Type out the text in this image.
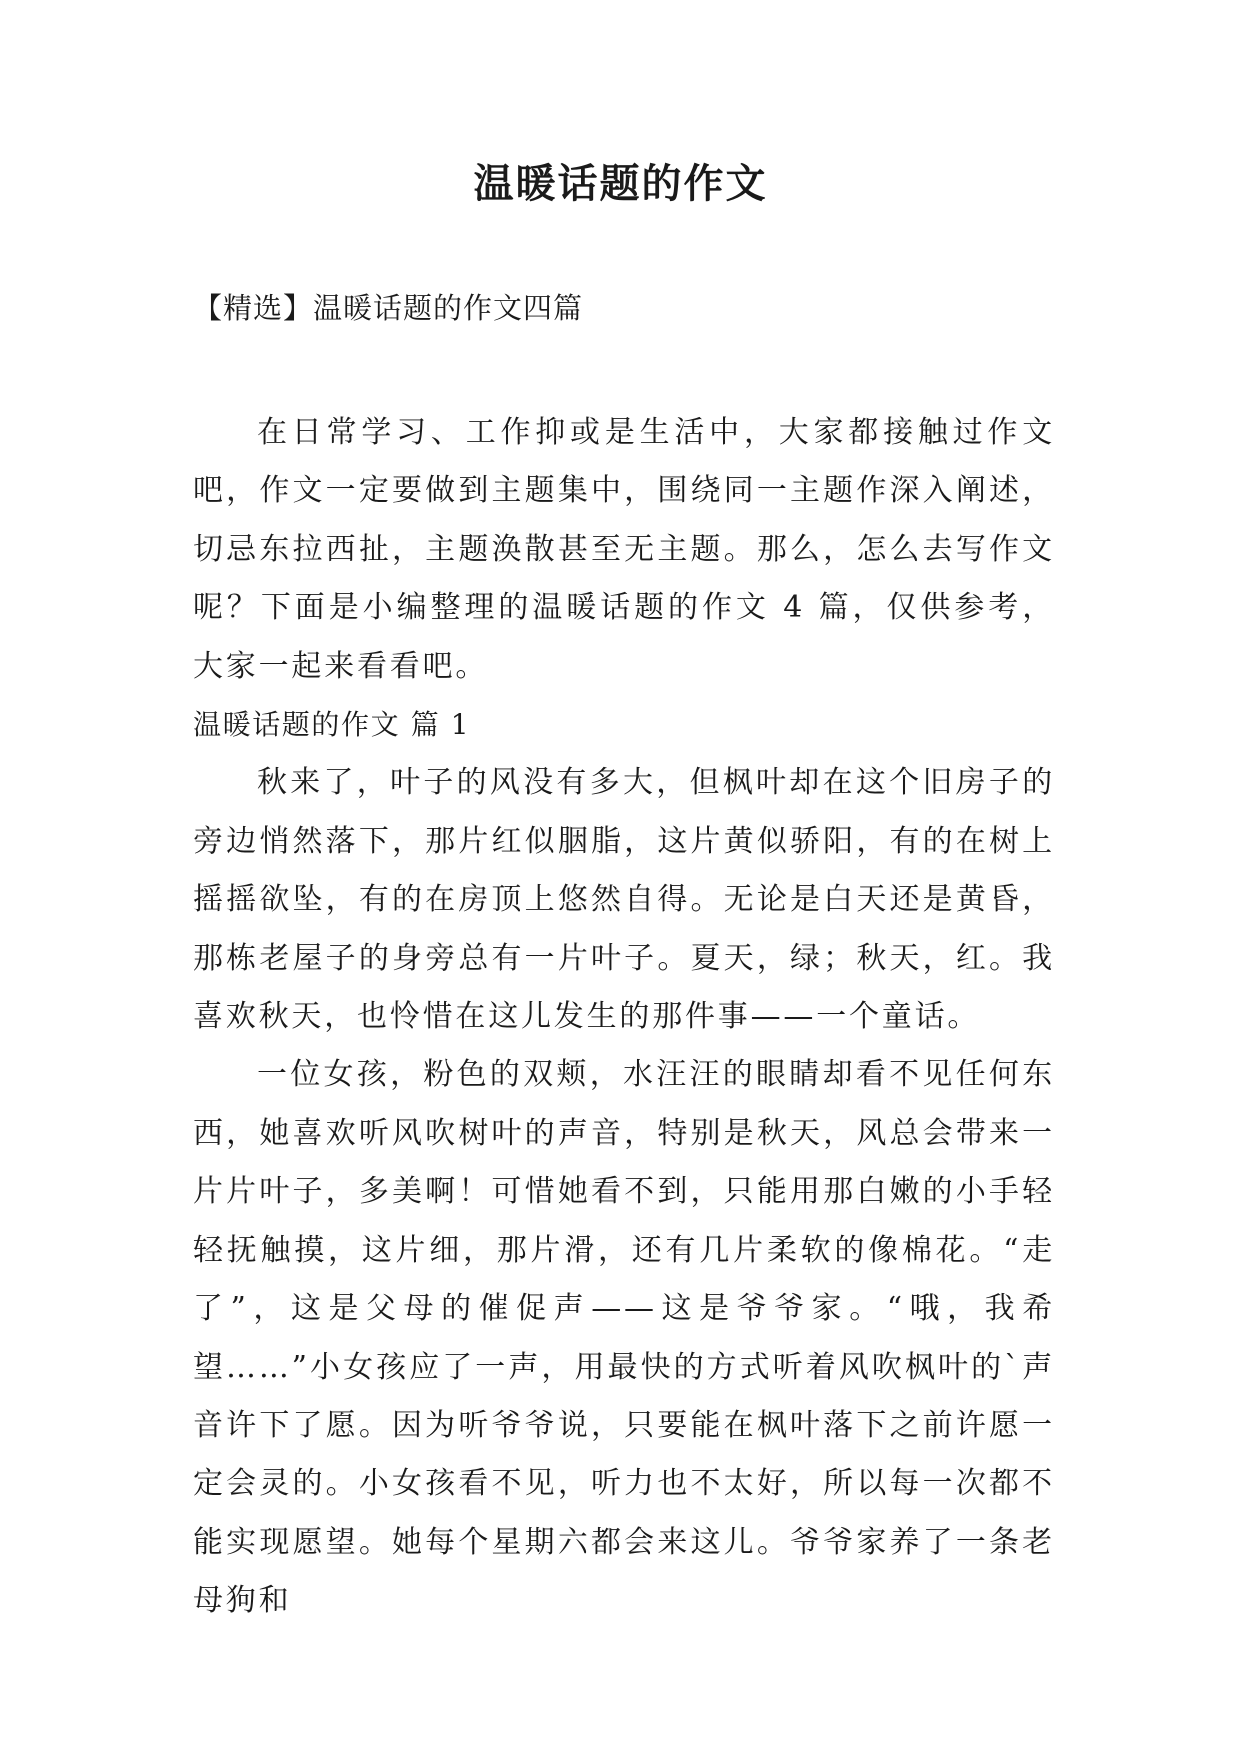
温暖话题的作文

【精选】温暖话题的作文四篇

在日常学习、工作抑或是生活中，大家都接触过作文吧，作文一定要做到主题集中，围绕同一主题作深入阐述，切忌东拉西扯，主题涣散甚至无主题。那么，怎么去写作文呢？下面是小编整理的温暖话题的作文 4 篇，仅供参考，大家一起来看看吧。

温暖话题的作文 篇 1

秋来了，叶子的风没有多大，但枫叶却在这个旧房子的旁边悄然落下，那片红似胭脂，这片黄似骄阳，有的在树上摇摇欲坠，有的在房顶上悠然自得。无论是白天还是黄昏，那栋老屋子的身旁总有一片叶子。夏天，绿；秋天，红。我喜欢秋天，也怜惜在这儿发生的那件事——一个童话。

一位女孩，粉色的双颊，水汪汪的眼睛却看不见任何东西，她喜欢听风吹树叶的声音，特别是秋天，风总会带来一片片叶子，多美啊！可惜她看不到，只能用那白嫩的小手轻轻抚触摸，这片细，那片滑，还有几片柔软的像棉花。“走了”，这是父母的催促声——这是爷爷家。“哦，我希望……”小女孩应了一声，用最快的方式听着风吹枫叶的`声音许下了愿。因为听爷爷说，只要能在枫叶落下之前许愿一定会灵的。小女孩看不见，听力也不太好，所以每一次都不能实现愿望。她每个星期六都会来这儿。爷爷家养了一条老母狗和
